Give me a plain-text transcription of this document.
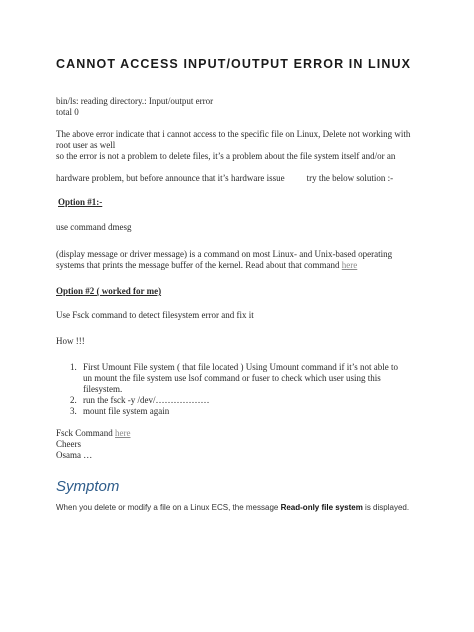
CANNOT ACCESS INPUT/OUTPUT ERROR IN LINUX

bin/ls: reading directory.: Input/output error

total 0

The above error indicate that i cannot access to the specific file on Linux, Delete not working with root user as well

so the error is not a problem to delete files, it’s a problem about the file system itself and/or an

hardware problem, but before announce that it’s hardware issue try the below solution :-

Option #1:-

use command dmesg

(display message or driver message) is a command on most Linux- and Unix-based operating systems that prints the message buffer of the kernel. Read about that command here

Option #2 ( worked for me)

Use Fsck command to detect filesystem error and fix it

How !!!

1. First Umount File system ( that file located ) Using Umount command if it’s not able to un mount the file system use lsof command or fuser to check which user using this filesystem.
2. run the fsck -y /dev/………………
3. mount file system again

Fsck Command here

Cheers

Osama …

Symptom
When you delete or modify a file on a Linux ECS, the message Read-only file system is displayed.
